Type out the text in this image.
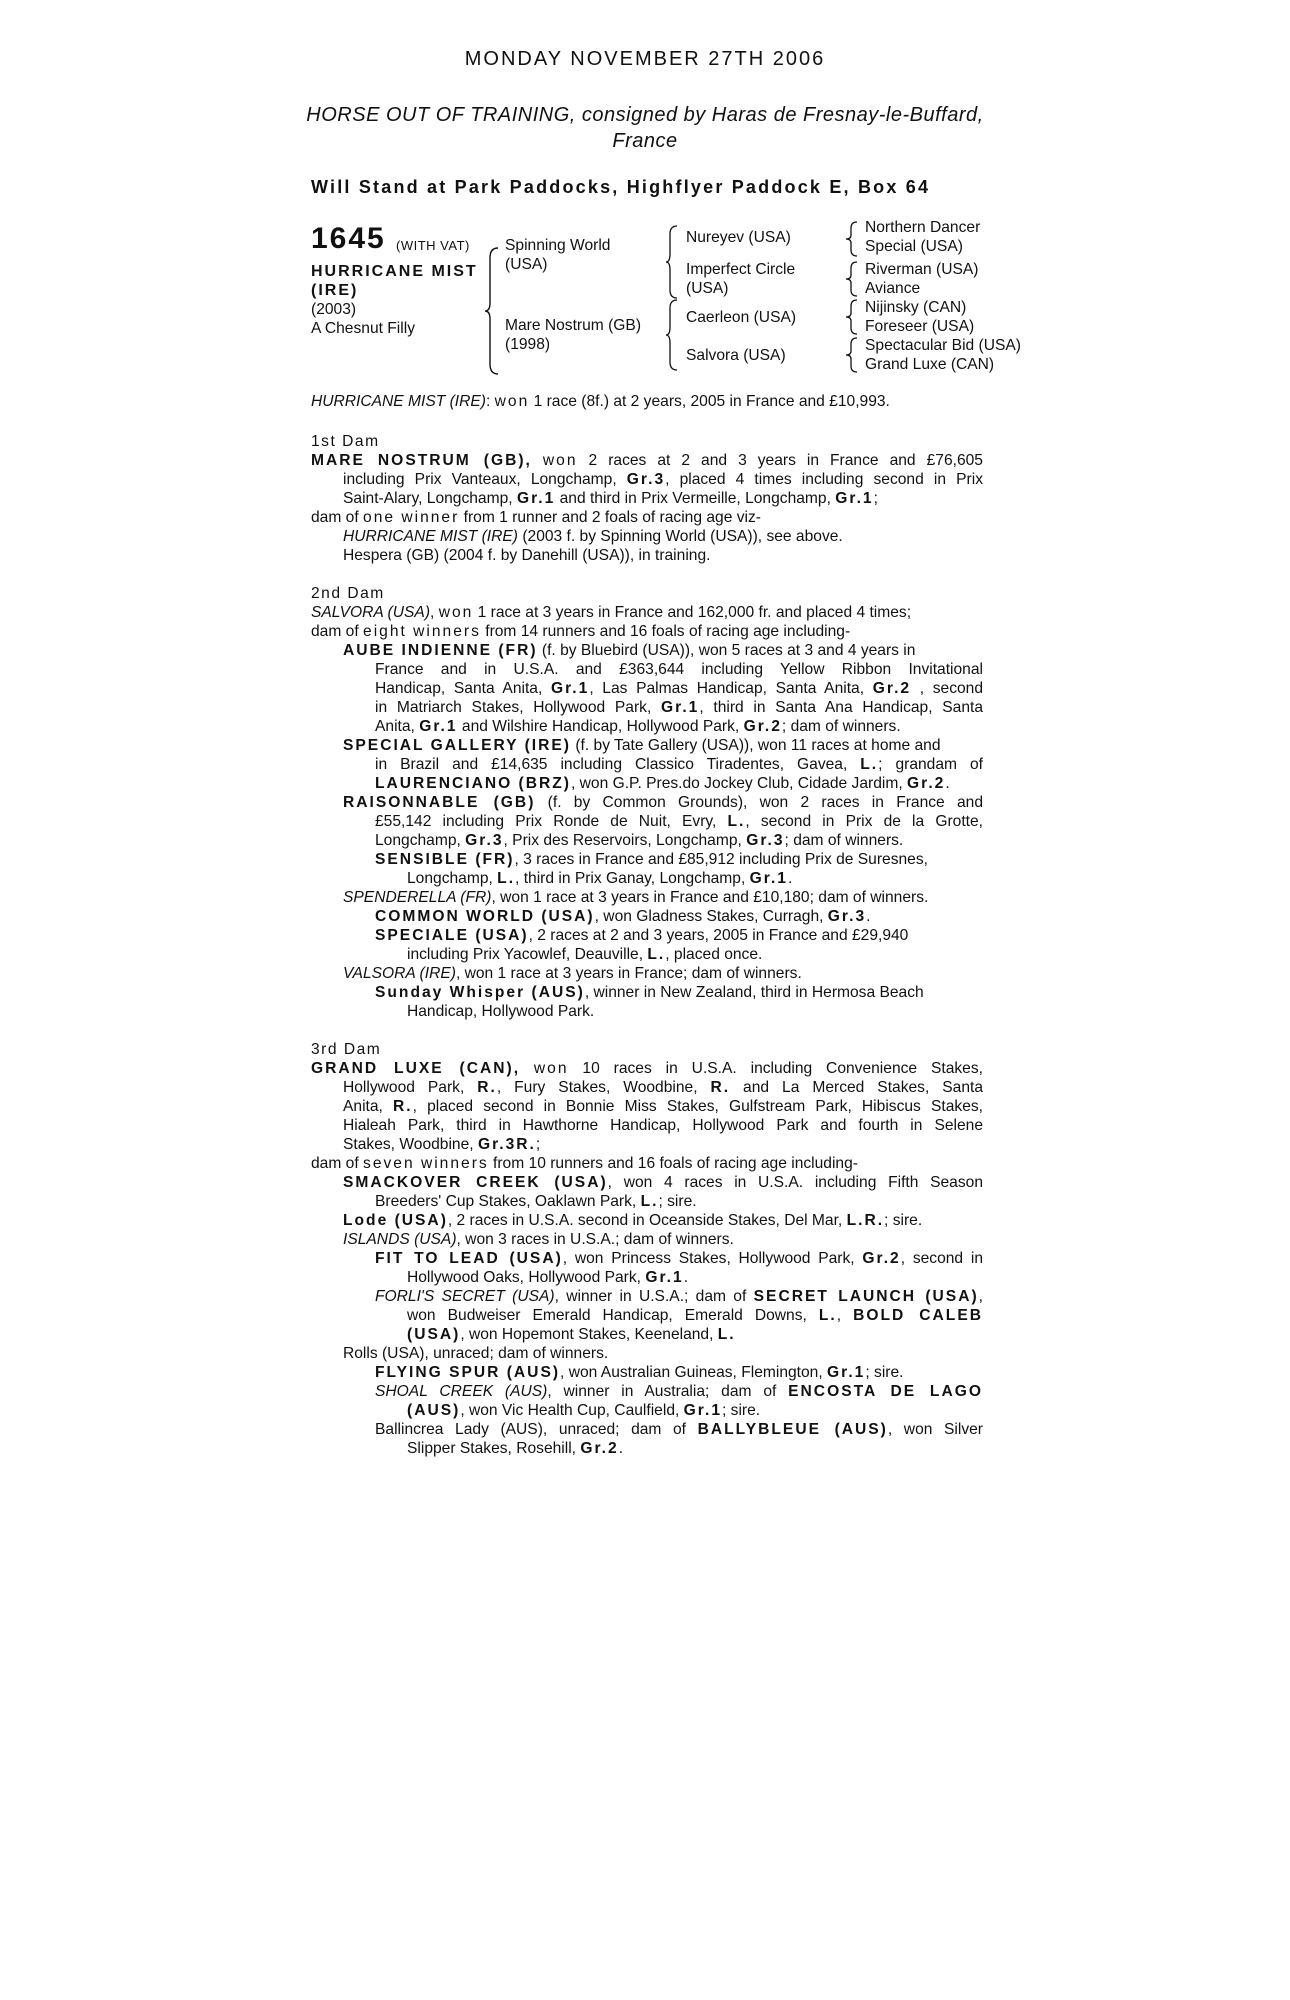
MONDAY NOVEMBER 27TH 2006
HORSE OUT OF TRAINING, consigned by Haras de Fresnay-le-Buffard,
France
Will Stand at Park Paddocks, Highflyer Paddock E, Box 64
1645 (WITH VAT)
HURRICANE MIST
(IRE)
(2003)
A Chesnut Filly
Spinning World
(USA)
Mare Nostrum (GB)
(1998)
Nureyev (USA)
Imperfect Circle
(USA)
Caerleon (USA)
Salvora (USA)
Northern Dancer
Special (USA)
Riverman (USA)
Aviance
Nijinsky (CAN)
Foreseer (USA)
Spectacular Bid (USA)
Grand Luxe (CAN)
HURRICANE MIST (IRE): won 1 race (8f.) at 2 years, 2005 in France and £10,993.
1st Dam
MARE NOSTRUM (GB), won 2 races at 2 and 3 years in France and £76,605
including Prix Vanteaux, Longchamp, Gr.3, placed 4 times including second in Prix
Saint-Alary, Longchamp, Gr.1 and third in Prix Vermeille, Longchamp, Gr.1;
dam of one winner from 1 runner and 2 foals of racing age viz-
HURRICANE MIST (IRE) (2003 f. by Spinning World (USA)), see above.
Hespera (GB) (2004 f. by Danehill (USA)), in training.
2nd Dam
SALVORA (USA), won 1 race at 3 years in France and 162,000 fr. and placed 4 times;
dam of eight winners from 14 runners and 16 foals of racing age including-
AUBE INDIENNE (FR) (f. by Bluebird (USA)), won 5 races at 3 and 4 years in
France and in U.S.A. and £363,644 including Yellow Ribbon Invitational
Handicap, Santa Anita, Gr.1, Las Palmas Handicap, Santa Anita, Gr.2 , second
in Matriarch Stakes, Hollywood Park, Gr.1, third in Santa Ana Handicap, Santa
Anita, Gr.1 and Wilshire Handicap, Hollywood Park, Gr.2; dam of winners.
SPECIAL GALLERY (IRE) (f. by Tate Gallery (USA)), won 11 races at home and
in Brazil and £14,635 including Classico Tiradentes, Gavea, L.; grandam of
LAURENCIANO (BRZ), won G.P. Pres.do Jockey Club, Cidade Jardim, Gr.2.
RAISONNABLE (GB) (f. by Common Grounds), won 2 races in France and
£55,142 including Prix Ronde de Nuit, Evry, L., second in Prix de la Grotte,
Longchamp, Gr.3, Prix des Reservoirs, Longchamp, Gr.3; dam of winners.
SENSIBLE (FR), 3 races in France and £85,912 including Prix de Suresnes,
Longchamp, L., third in Prix Ganay, Longchamp, Gr.1.
SPENDERELLA (FR), won 1 race at 3 years in France and £10,180; dam of winners.
COMMON WORLD (USA), won Gladness Stakes, Curragh, Gr.3.
SPECIALE (USA), 2 races at 2 and 3 years, 2005 in France and £29,940
including Prix Yacowlef, Deauville, L., placed once.
VALSORA (IRE), won 1 race at 3 years in France; dam of winners.
Sunday Whisper (AUS), winner in New Zealand, third in Hermosa Beach
Handicap, Hollywood Park.
3rd Dam
GRAND LUXE (CAN), won 10 races in U.S.A. including Convenience Stakes,
Hollywood Park, R., Fury Stakes, Woodbine, R. and La Merced Stakes, Santa
Anita, R., placed second in Bonnie Miss Stakes, Gulfstream Park, Hibiscus Stakes,
Hialeah Park, third in Hawthorne Handicap, Hollywood Park and fourth in Selene
Stakes, Woodbine, Gr.3R.;
dam of seven winners from 10 runners and 16 foals of racing age including-
SMACKOVER CREEK (USA), won 4 races in U.S.A. including Fifth Season
Breeders' Cup Stakes, Oaklawn Park, L.; sire.
Lode (USA), 2 races in U.S.A. second in Oceanside Stakes, Del Mar, L.R.; sire.
ISLANDS (USA), won 3 races in U.S.A.; dam of winners.
FIT TO LEAD (USA), won Princess Stakes, Hollywood Park, Gr.2, second in
Hollywood Oaks, Hollywood Park, Gr.1.
FORLI'S SECRET (USA), winner in U.S.A.; dam of SECRET LAUNCH (USA),
won Budweiser Emerald Handicap, Emerald Downs, L., BOLD CALEB
(USA), won Hopemont Stakes, Keeneland, L.
Rolls (USA), unraced; dam of winners.
FLYING SPUR (AUS), won Australian Guineas, Flemington, Gr.1; sire.
SHOAL CREEK (AUS), winner in Australia; dam of ENCOSTA DE LAGO
(AUS), won Vic Health Cup, Caulfield, Gr.1; sire.
Ballincrea Lady (AUS), unraced; dam of BALLYBLEUE (AUS), won Silver
Slipper Stakes, Rosehill, Gr.2.
